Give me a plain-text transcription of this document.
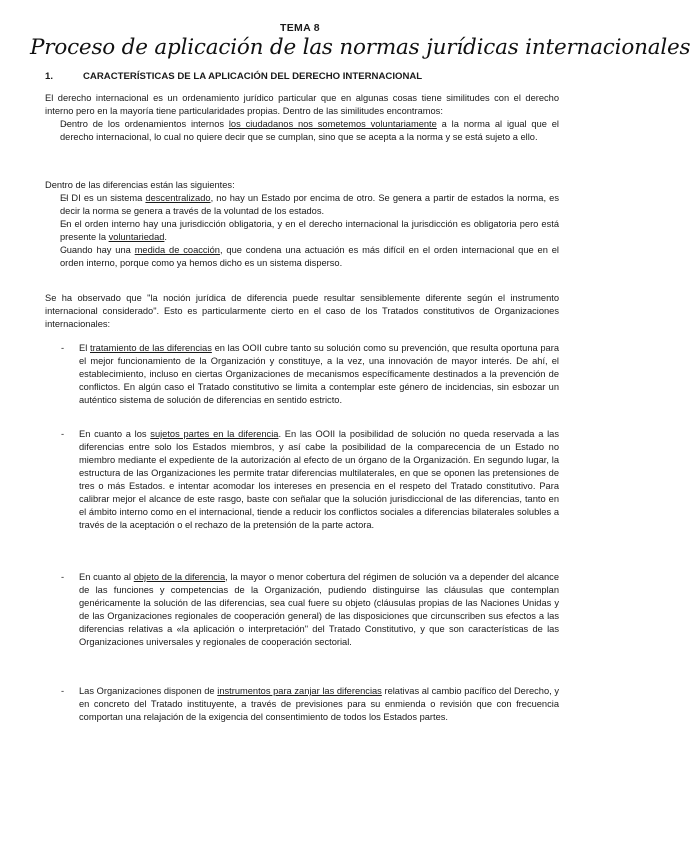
TEMA 8
Proceso de aplicación de las normas jurídicas internacionales
1.	CARACTERÍSTICAS DE LA APLICACIÓN DEL DERECHO INTERNACIONAL

El derecho internacional es un ordenamiento jurídico particular que en algunas cosas tiene similitudes con el derecho interno pero en la mayoría tiene particularidades propias. Dentro de las similitudes encontramos:

- Dentro de los ordenamientos internos los ciudadanos nos sometemos voluntariamente a la norma al igual que el derecho internacional, lo cual no quiere decir que se cumplan, sino que se acepta a la norma y se está sujeto a ello.

Dentro de las diferencias están las siguientes:

- El DI es un sistema descentralizado, no hay un Estado por encima de otro. Se genera a partir de estados la norma, es decir la norma se genera a través de la voluntad de los estados.
- En el orden interno hay una jurisdicción obligatoria, y en el derecho internacional la jurisdicción es obligatoria pero está presente la voluntariedad.
- Cuando hay una medida de coacción, que condena una actuación es más difícil en el orden internacional que en el orden interno, porque como ya hemos dicho es un sistema disperso.

Se ha observado que "la noción jurídica de diferencia puede resultar sensiblemente diferente según el instrumento internacional considerado". Esto es particularmente cierto en el caso de los Tratados constitutivos de Organizaciones internacionales:

- El tratamiento de las diferencias en las OOII cubre tanto su solución como su prevención, que resulta oportuna para el mejor funcionamiento de la Organización y constituye, a la vez, una innovación de mayor interés. De ahí, el establecimiento, incluso en ciertas Organizaciones de mecanismos específicamente destinados a la prevención de conflictos. En algún caso el Tratado constitutivo se limita a contemplar este género de incidencias, sin esbozar un auténtico sistema de solución de diferencias en sentido estricto.
- En cuanto a los sujetos partes en la diferencia. En las OOII la posibilidad de solución no queda reservada a las diferencias entre solo los Estados miembros, y así cabe la posibilidad de la comparecencia de un Estado no miembro mediante el expediente de la autorización al efecto de un órgano de la Organización. En segundo lugar, la estructura de las Organizaciones les permite tratar diferencias multilaterales, en que se oponen las pretensiones de tres o más Estados. e intentar acomodar los intereses en presencia en el respeto del Tratado constitutivo. Para calibrar mejor el alcance de este rasgo, baste con señalar que la solución jurisdiccional de las diferencias, tanto en el ámbito interno como en el internacional, tiende a reducir los conflictos sociales a diferencias bilaterales solubles a través de la aceptación o el rechazo de la pretensión de la parte actora.
- En cuanto al objeto de la diferencia, la mayor o menor cobertura del régimen de solución va a depender del alcance de las funciones y competencias de la Organización, pudiendo distinguirse las cláusulas que contemplan genéricamente la solución de las diferencias, sea cual fuere su objeto (cláusulas propias de las Naciones Unidas y de las Organizaciones regionales de cooperación general) de las disposiciones que circunscriben sus efectos a las diferencias relativas a «la aplicación o interpretación" del Tratado Constitutivo, y que son características de las Organizaciones universales y regionales de cooperación sectorial.
- Las Organizaciones disponen de instrumentos para zanjar las diferencias relativas al cambio pacífico del Derecho, y en concreto del Tratado instituyente, a través de previsiones para su enmienda o revisión que con frecuencia comportan una relajación de la exigencia del consentimiento de todos los Estados partes.
